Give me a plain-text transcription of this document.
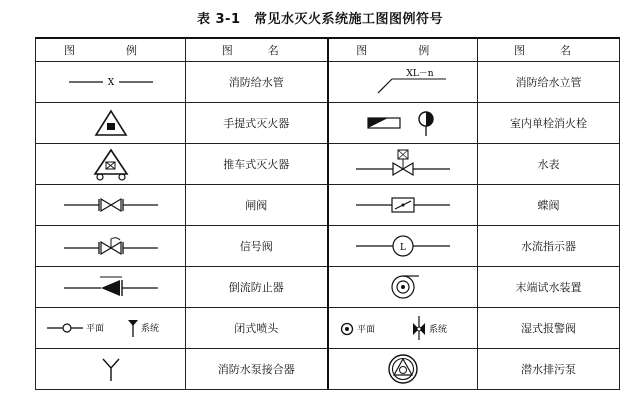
表 3-1　常见水灭火系统施工图图例符号
图　例	图　名	图　例	图　名

X	消防给水管	XL－n	消防给水立管

	手提式灭火器		室内单栓消火栓

	推车式灭火器		水表

	闸阀		蝶阀

	信号阀	L	水流指示器

	倒流防止器		末端试水装置

平面 系统	闭式喷头	平面 系统	湿式报警阀

	消防水泵接合器		潜水排污泵
